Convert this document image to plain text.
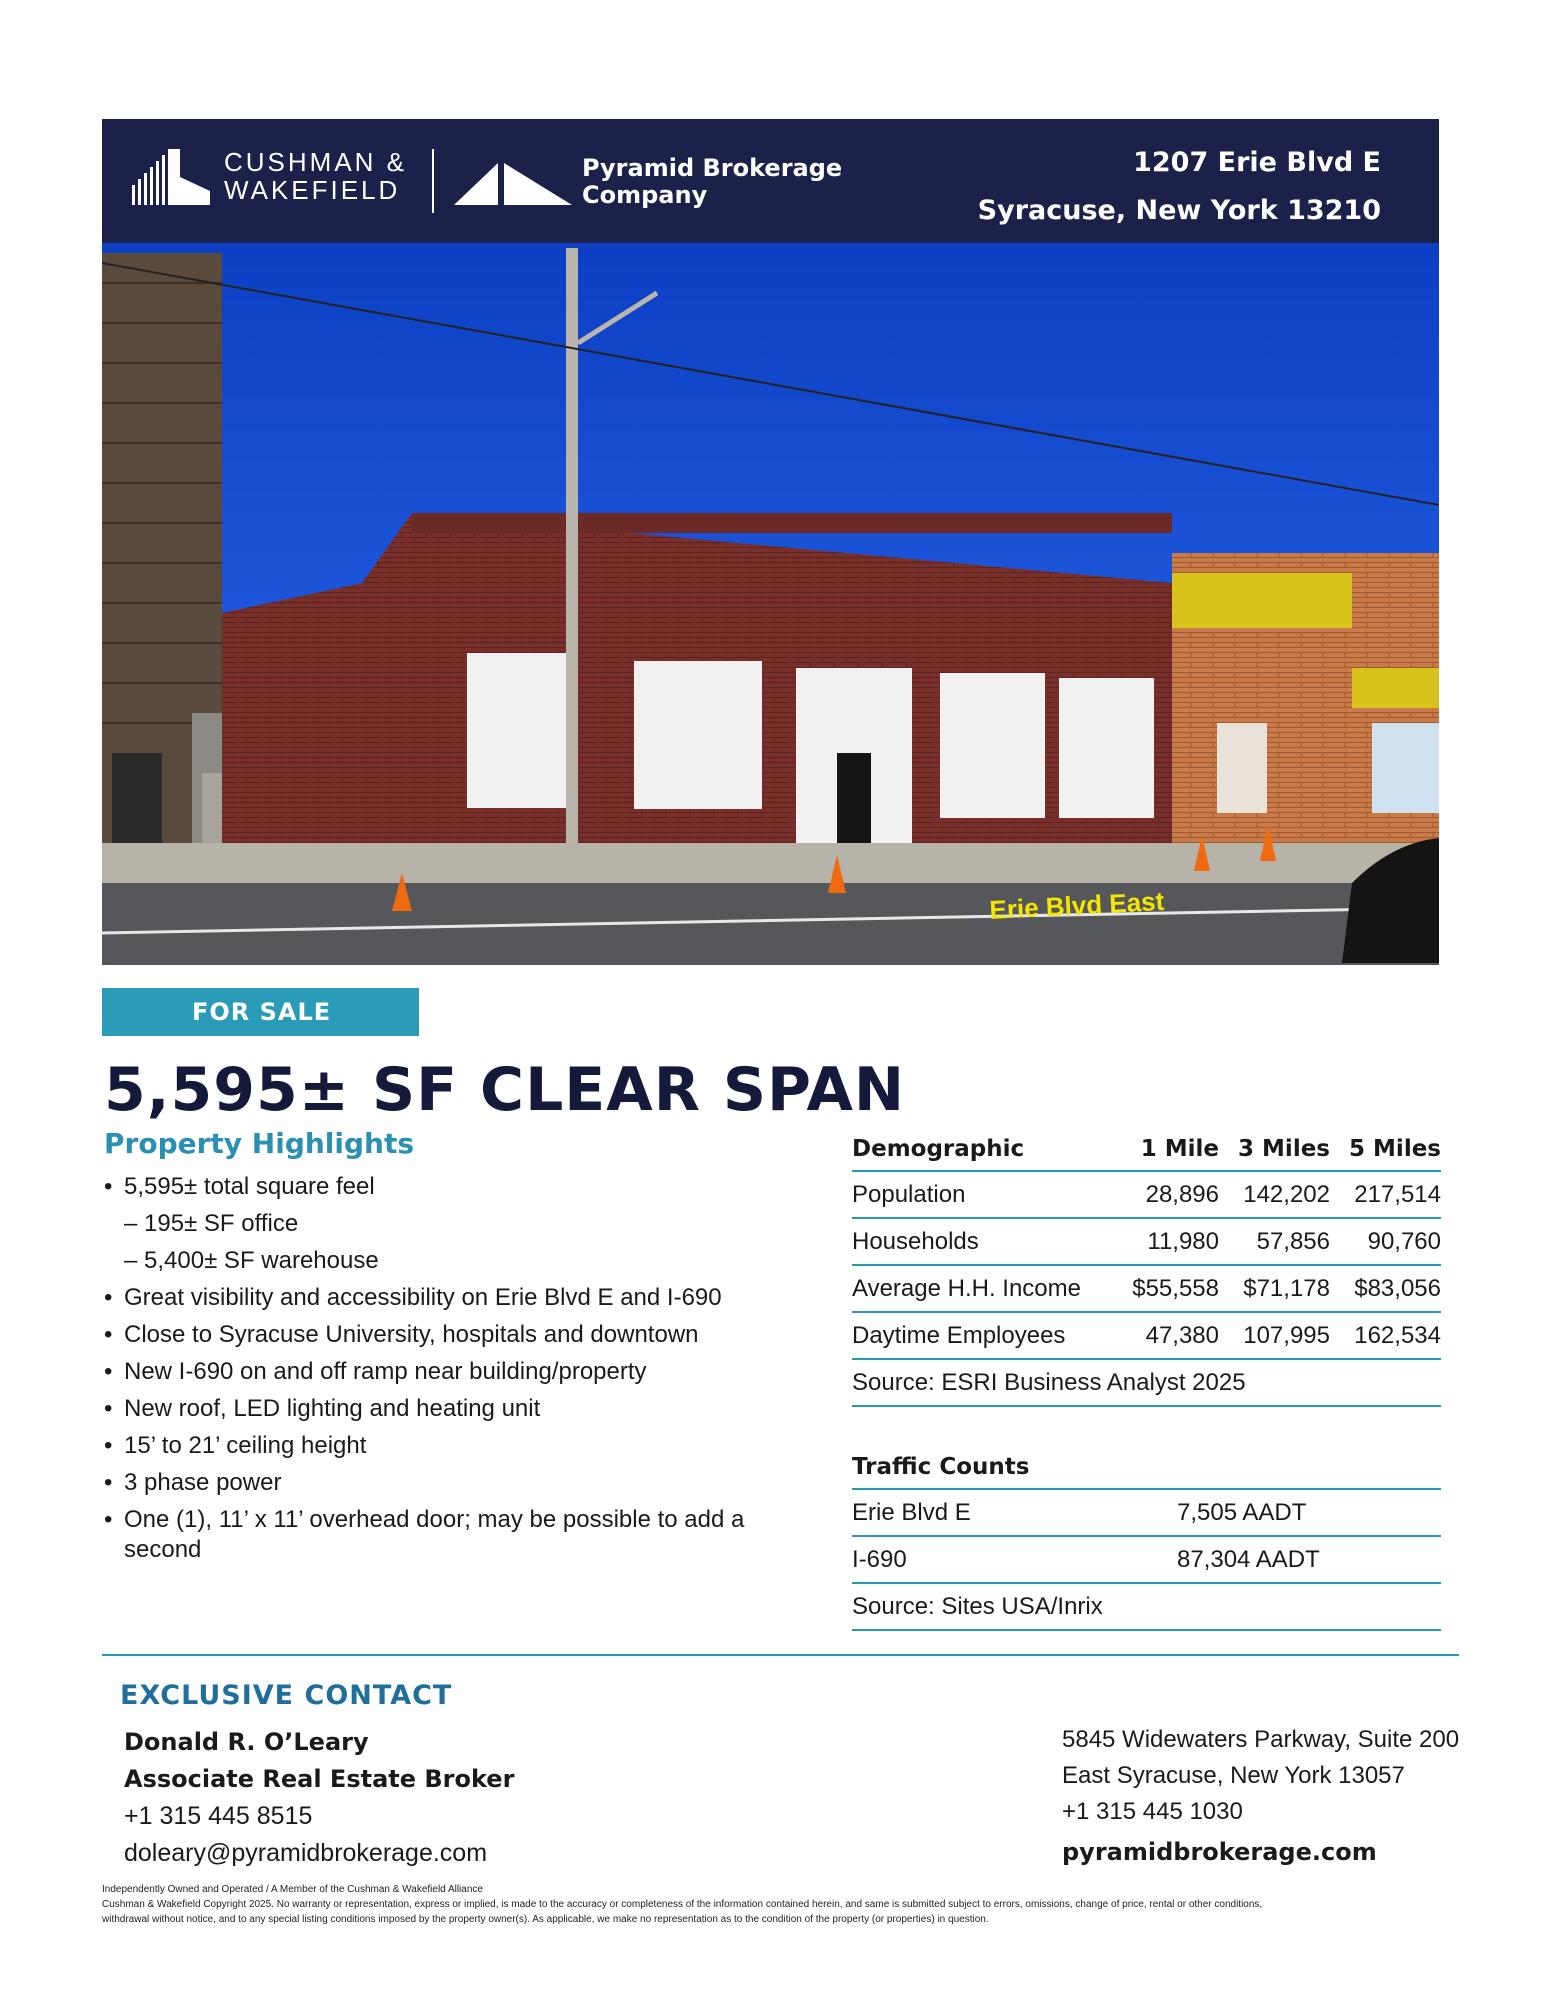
CUSHMAN &
WAKEFIELD
Pyramid Brokerage
Company
1207 Erie Blvd E
Syracuse, New York 13210
Erie Blvd East
FOR SALE
5,595± SF CLEAR SPAN
Property Highlights
• 5,595± total square feel
– 195± SF office
– 5,400± SF warehouse
• Great visibility and accessibility on Erie Blvd E and I-690
• Close to Syracuse University, hospitals and downtown
• New I-690 on and off ramp near building/property
• New roof, LED lighting and heating unit
• 15’ to 21’ ceiling height
• 3 phase power
• One (1), 11’ x 11’ overhead door; may be possible to add a
second
Demographic	1 Mile 3 Miles 5 Miles
Population	28,896	142,202	217,514
Households	11,980	57,856	90,760
Average H.H. Income	$55,558	$71,178	$83,056
Daytime Employees	47,380	107,995	162,534
Source: ESRI Business Analyst 2025
Traffic Counts
Erie Blvd E	7,505 AADT
I-690	87,304 AADT
Source: Sites USA/Inrix
EXCLUSIVE CONTACT
Donald R. O’Leary
Associate Real Estate Broker
+1 315 445 8515
doleary@pyramidbrokerage.com
5845 Widewaters Parkway, Suite 200
East Syracuse, New York 13057
+1 315 445 1030
pyramidbrokerage.com
Independently Owned and Operated / A Member of the Cushman & Wakefield Alliance
Cushman & Wakefield Copyright 2025. No warranty or representation, express or implied, is made to the accuracy or completeness of the information contained herein, and same is submitted subject to errors, omissions, change of price, rental or other conditions,
withdrawal without notice, and to any special listing conditions imposed by the property owner(s). As applicable, we make no representation as to the condition of the property (or properties) in question.
